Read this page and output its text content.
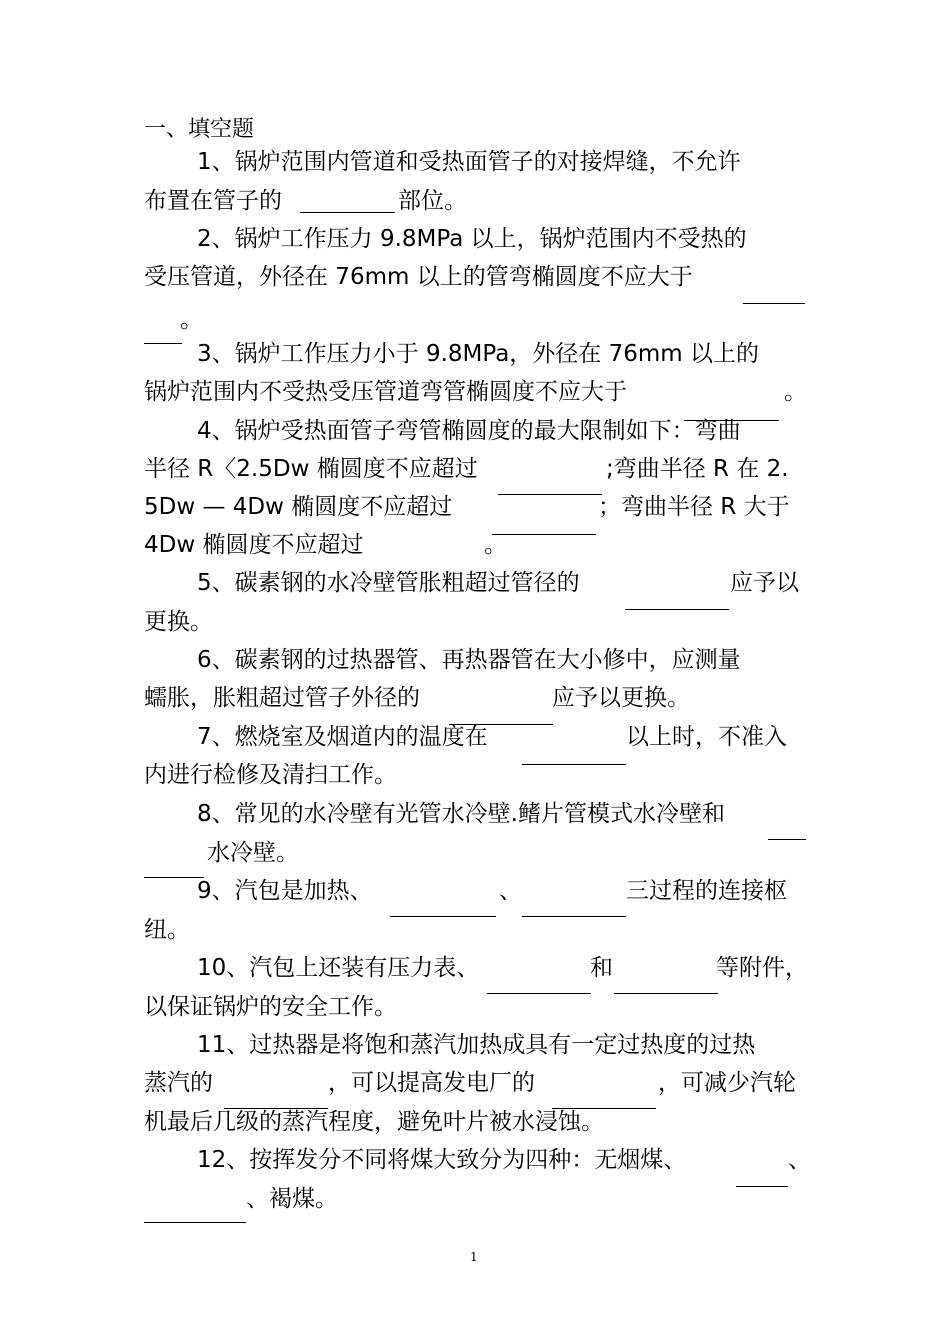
一、填空题
1、锅炉范围内管道和受热面管子的对接焊缝，不允许
布置在管子的	部位。
2、锅炉工作压力 9.8MPa 以上，锅炉范围内不受热的
受压管道，外径在 76mm 以上的管弯椭圆度不应大于
。
3、锅炉工作压力小于 9.8MPa，外径在 76mm 以上的
锅炉范围内不受热受压管道弯管椭圆度不应大于	。
4、锅炉受热面管子弯管椭圆度的最大限制如下：弯曲
半径 R〈2.5Dw 椭圆度不应超过	;弯曲半径 R 在 2.
5Dw — 4Dw 椭圆度不应超过	；弯曲半径 R 大于
4Dw 椭圆度不应超过	。
5、碳素钢的水冷壁管胀粗超过管径的	应予以
更换。
6、碳素钢的过热器管、再热器管在大小修中，应测量
蠕胀，胀粗超过管子外径的	应予以更换。
7、燃烧室及烟道内的温度在	以上时，不准入
内进行检修及清扫工作。
8、常见的水冷壁有光管水冷壁.鳍片管模式水冷壁和
水冷壁。
9、汽包是加热、	、	三过程的连接枢
纽。
10、汽包上还装有压力表、	和	等附件，
以保证锅炉的安全工作。
11、过热器是将饱和蒸汽加热成具有一定过热度的过热
蒸汽的	，可以提高发电厂的	，可减少汽轮
机最后几级的蒸汽程度，避免叶片被水浸蚀。
12、按挥发分不同将煤大致分为四种：无烟煤、	、
、褐煤。
1
